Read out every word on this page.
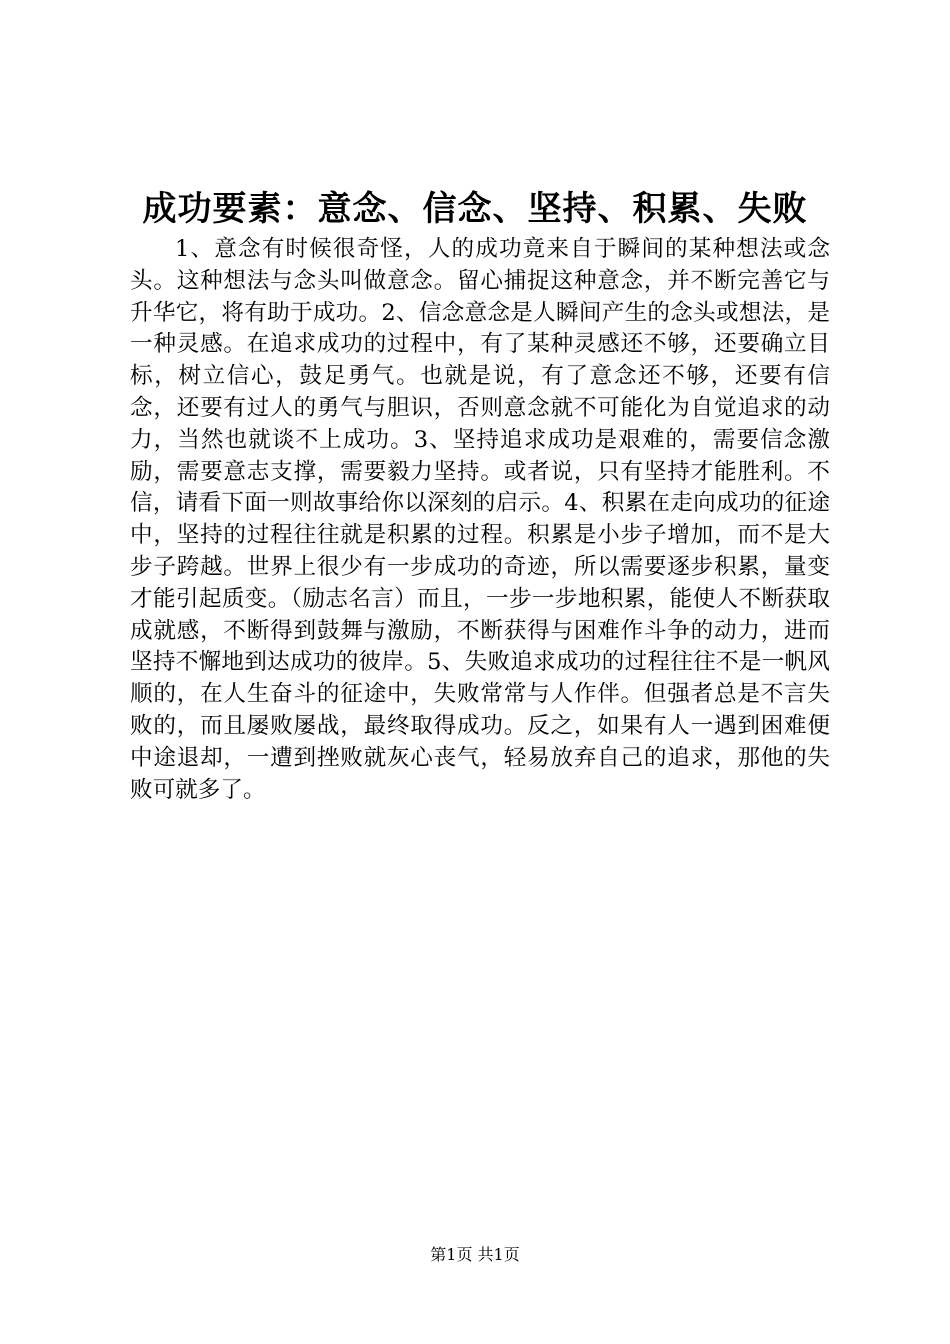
成功要素：意念、信念、坚持、积累、失败

1、意念有时候很奇怪，人的成功竟来自于瞬间的某种想法或念头。这种想法与念头叫做意念。留心捕捉这种意念，并不断完善它与升华它，将有助于成功。2、信念意念是人瞬间产生的念头或想法，是一种灵感。在追求成功的过程中，有了某种灵感还不够，还要确立目标，树立信心，鼓足勇气。也就是说，有了意念还不够，还要有信念，还要有过人的勇气与胆识，否则意念就不可能化为自觉追求的动力，当然也就谈不上成功。3、坚持追求成功是艰难的，需要信念激励，需要意志支撑，需要毅力坚持。或者说，只有坚持才能胜利。不信，请看下面一则故事给你以深刻的启示。4、积累在走向成功的征途中，坚持的过程往往就是积累的过程。积累是小步子增加，而不是大步子跨越。世界上很少有一步成功的奇迹，所以需要逐步积累，量变才能引起质变。（励志名言）而且，一步一步地积累，能使人不断获取成就感，不断得到鼓舞与激励，不断获得与困难作斗争的动力，进而坚持不懈地到达成功的彼岸。5、失败追求成功的过程往往不是一帆风顺的，在人生奋斗的征途中，失败常常与人作伴。但强者总是不言失败的，而且屡败屡战，最终取得成功。反之，如果有人一遇到困难便中途退却，一遭到挫败就灰心丧气，轻易放弃自己的追求，那他的失败可就多了。

第1页 共1页
